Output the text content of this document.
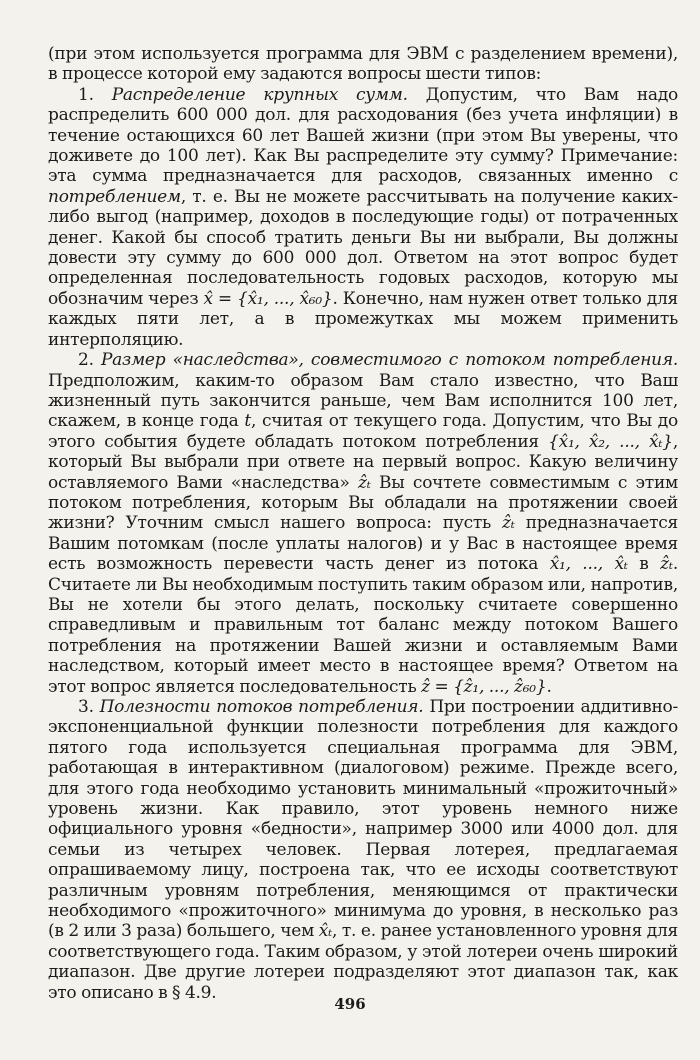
(при этом используется программа для ЭВМ с разделением времени), в процессе которой ему задаются вопросы шести типов:

1. Распределение крупных сумм. Допустим, что Вам надо распределить 600 000 дол. для расходования (без учета инфляции) в течение остающихся 60 лет Вашей жизни (при этом Вы уверены, что доживете до 100 лет). Как Вы распределите эту сумму? Примечание: эта сумма предназначается для расходов, связанных именно с потреблением, т. е. Вы не можете рассчитывать на получение каких-либо выгод (например, доходов в последующие годы) от потраченных денег. Какой бы способ тратить деньги Вы ни выбрали, Вы должны довести эту сумму до 600 000 дол. Ответом на этот вопрос будет определенная последовательность годовых расходов, которую мы обозначим через x̂ = {x̂₁, ..., x̂₆₀}. Конечно, нам нужен ответ только для каждых пяти лет, а в промежутках мы можем применить интерполяцию.

2. Размер «наследства», совместимого с потоком потребления. Предположим, каким-то образом Вам стало известно, что Ваш жизненный путь закончится раньше, чем Вам исполнится 100 лет, скажем, в конце года t, считая от текущего года. Допустим, что Вы до этого события будете обладать потоком потребления {x̂₁, x̂₂, ..., x̂ₜ}, который Вы выбрали при ответе на первый вопрос. Какую величину оставляемого Вами «наследства» ẑₜ Вы сочтете совместимым с этим потоком потребления, которым Вы обладали на протяжении своей жизни? Уточним смысл нашего вопроса: пусть ẑₜ предназначается Вашим потомкам (после уплаты налогов) и у Вас в настоящее время есть возможность перевести часть денег из потока x̂₁, ..., x̂ₜ в ẑₜ. Считаете ли Вы необходимым поступить таким образом или, напротив, Вы не хотели бы этого делать, поскольку считаете совершенно справедливым и правильным тот баланс между потоком Вашего потребления на протяжении Вашей жизни и оставляемым Вами наследством, который имеет место в настоящее время? Ответом на этот вопрос является последовательность ẑ = {ẑ₁, ..., ẑ₆₀}.

3. Полезности потоков потребления. При построении аддитивно-экспоненциальной функции полезности потребления для каждого пятого года используется специальная программа для ЭВМ, работающая в интерактивном (диалоговом) режиме. Прежде всего, для этого года необходимо установить минимальный «прожиточный» уровень жизни. Как правило, этот уровень немного ниже официального уровня «бедности», например 3000 или 4000 дол. для семьи из четырех человек. Первая лотерея, предлагаемая опрашиваемому лицу, построена так, что ее исходы соответствуют различным уровням потребления, меняющимся от практически необходимого «прожиточного» минимума до уровня, в несколько раз (в 2 или 3 раза) большего, чем x̂ₜ, т. е. ранее установленного уровня для соответствующего года. Таким образом, у этой лотереи очень широкий диапазон. Две другие лотереи подразделяют этот диапазон так, как это описано в § 4.9.

496
